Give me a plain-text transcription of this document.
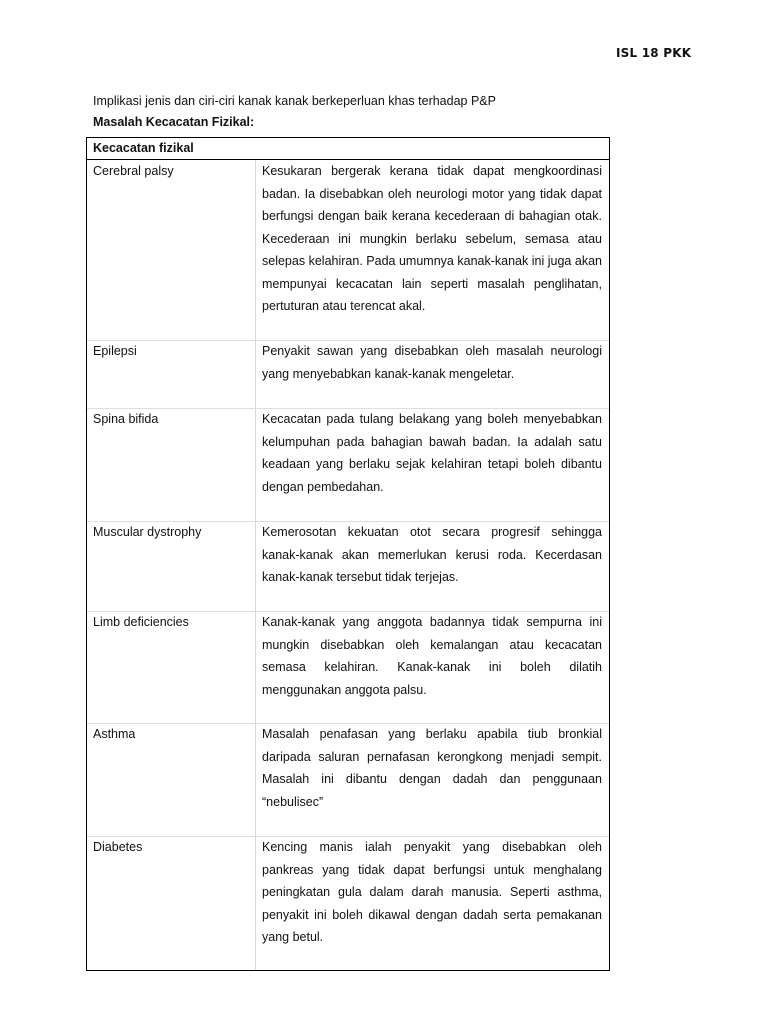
ISL 18 PKK
Implikasi jenis dan ciri-ciri kanak kanak berkeperluan khas terhadap P&P
Masalah Kecacatan Fizikal:
Kecacatan fizikal
Cerebral palsy	Kesukaran bergerak kerana tidak dapat mengkoordinasi badan. Ia disebabkan oleh neurologi motor yang tidak dapat berfungsi dengan baik kerana kecederaan di bahagian otak. Kecederaan ini mungkin berlaku sebelum, semasa atau selepas kelahiran. Pada umumnya kanak-kanak ini juga akan mempunyai kecacatan lain seperti masalah penglihatan, pertuturan atau terencat akal.
Epilepsi	Penyakit sawan yang disebabkan oleh masalah neurologi yang menyebabkan kanak-kanak mengeletar.
Spina bifida	Kecacatan pada tulang belakang yang boleh menyebabkan kelumpuhan pada bahagian bawah badan. Ia adalah satu keadaan yang berlaku sejak kelahiran tetapi boleh dibantu dengan pembedahan.
Muscular dystrophy	Kemerosotan kekuatan otot secara progresif sehingga kanak-kanak akan memerlukan kerusi roda. Kecerdasan kanak-kanak tersebut tidak terjejas.
Limb deficiencies	Kanak-kanak yang anggota badannya tidak sempurna ini mungkin disebabkan oleh kemalangan atau kecacatan semasa kelahiran. Kanak-kanak ini boleh dilatih menggunakan anggota palsu.
Asthma	Masalah penafasan yang berlaku apabila tiub bronkial daripada saluran pernafasan kerongkong menjadi sempit. Masalah ini dibantu dengan dadah dan penggunaan “nebulisec”
Diabetes	Kencing manis ialah penyakit yang disebabkan oleh pankreas yang tidak dapat berfungsi untuk menghalang peningkatan gula dalam darah manusia. Seperti asthma, penyakit ini boleh dikawal dengan dadah serta pemakanan yang betul.
